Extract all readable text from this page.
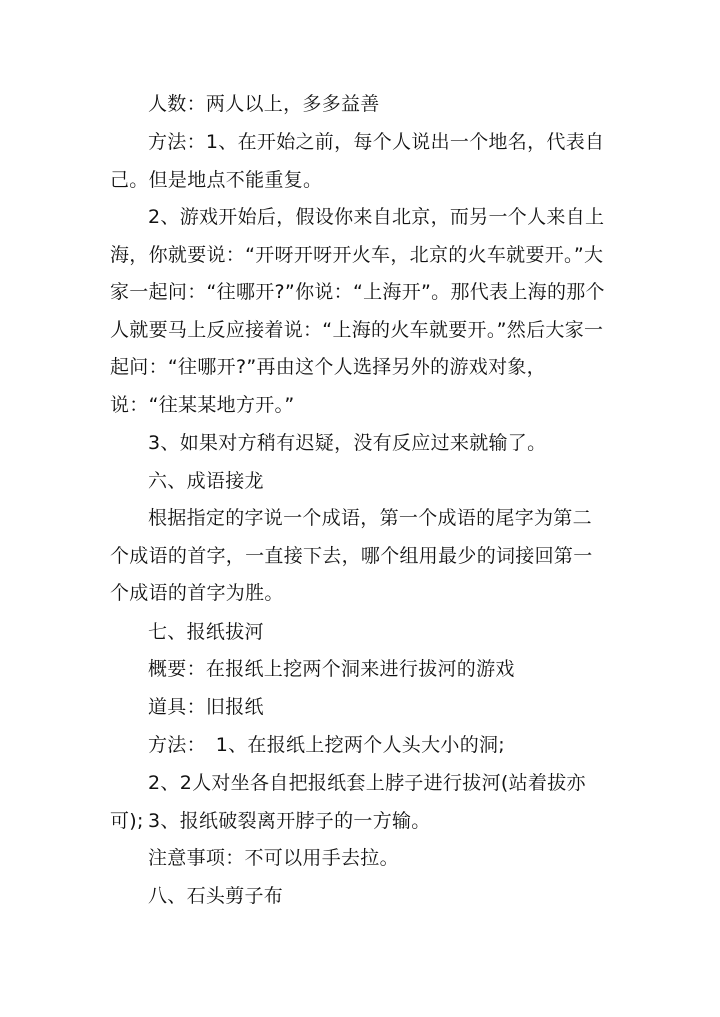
人数：两人以上，多多益善

方法：1、在开始之前，每个人说出一个地名，代表自己。但是地点不能重复。

2、游戏开始后，假设你来自北京，而另一个人来自上海，你就要说：“开呀开呀开火车，北京的火车就要开。”大家一起问：“往哪开?”你说：“上海开”。那代表上海的那个人就要马上反应接着说：“上海的火车就要开。”然后大家一起问：“往哪开?”再由这个人选择另外的游戏对象，说：“往某某地方开。”

3、如果对方稍有迟疑，没有反应过来就输了。

六、成语接龙

根据指定的字说一个成语，第一个成语的尾字为第二个成语的首字，一直接下去，哪个组用最少的词接回第一个成语的首字为胜。

七、报纸拔河

概要：在报纸上挖两个洞来进行拔河的游戏

道具：旧报纸

方法：　1、在报纸上挖两个人头大小的洞;

2、2人对坐各自把报纸套上脖子进行拔河(站着拔亦可); 3、报纸破裂离开脖子的一方输。

注意事项：不可以用手去拉。

八、石头剪子布
